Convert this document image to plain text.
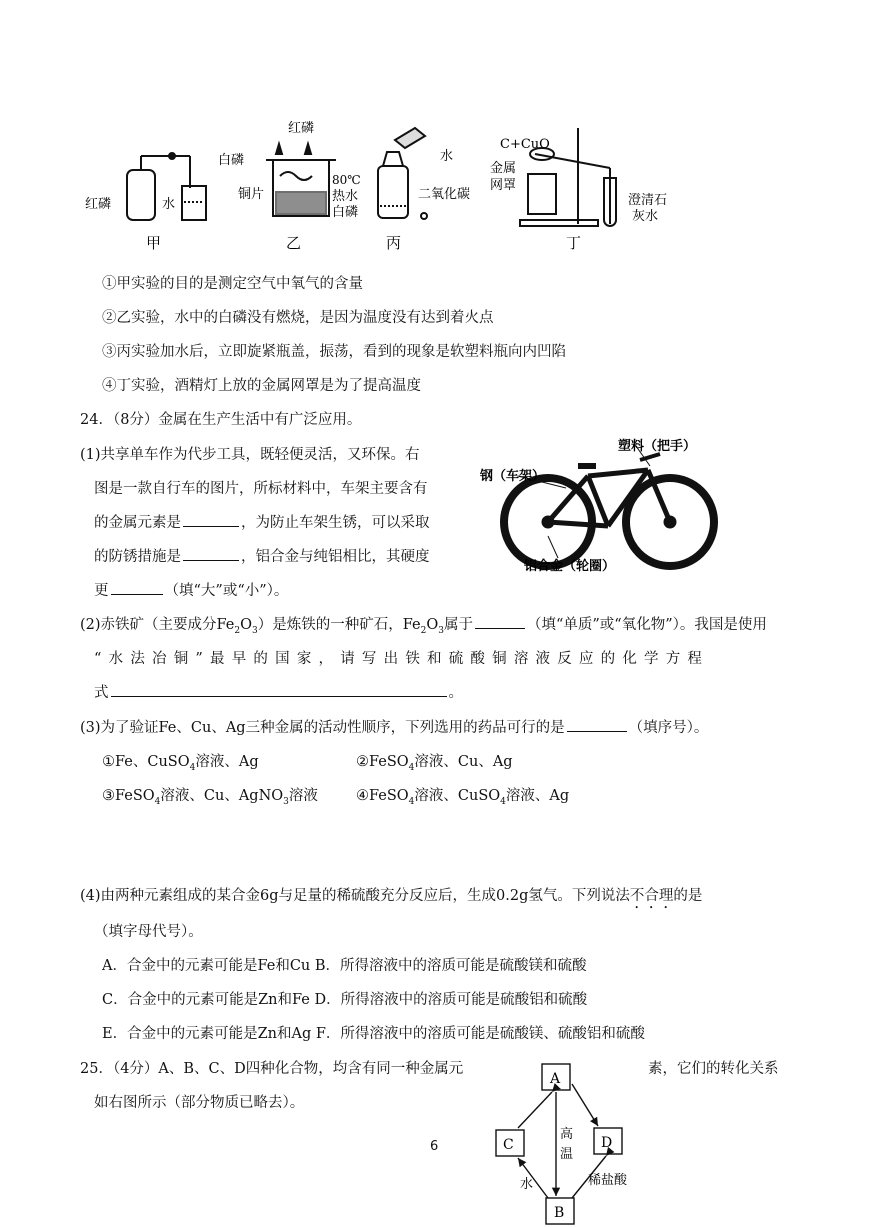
红磷	水
甲
红磷
白磷
铜片
80℃
热水
白磷
乙
水
二氧化碳
丙
C+CuO
金属
网罩
澄清石
灰水
丁
①甲实验的目的是测定空气中氧气的含量
②乙实验，水中的白磷没有燃烧，是因为温度没有达到着火点
③丙实验加水后，立即旋紧瓶盖，振荡，看到的现象是软塑料瓶向内凹陷
④丁实验，酒精灯上放的金属网罩是为了提高温度
24．（8分）金属在生产生活中有广泛应用。
(1)共享单车作为代步工具，既轻便灵活，又环保。右
图是一款自行车的图片，所标材料中，车架主要含有
的金属元素是	，为防止车架生锈，可以采取
的防锈措施是	，铝合金与纯铝相比，其硬度
更	（填“大”或“小”）。
塑料（把手）
钢（车架）
铝合金（轮圈）
(2)赤铁矿（主要成分$Fe_2O_3$）是炼铁的一种矿石，$Fe_2O_3$属于	（填“单质”或“氧化物”）。我国是使用
“水法冶铜”最早的国家，请写出铁和硫酸铜溶液反应的化学方程
式	。
(3)为了验证Fe、Cu、Ag三种金属的活动性顺序，下列选用的药品可行的是	（填序号）。
①Fe、CuSO$_4$溶液、Ag	②FeSO$_4$溶液、Cu、Ag
③FeSO$_4$溶液、Cu、AgNO$_3$溶液	④FeSO$_4$溶液、CuSO$_4$溶液、Ag
(4)由两种元素组成的某合金6g与足量的稀硫酸充分反应后，生成0.2g氢气。下列说法不合理的是
（填字母代号）。
A．合金中的元素可能是Fe和Cu B．所得溶液中的溶质可能是硫酸镁和硫酸
C．合金中的元素可能是Zn和Fe D．所得溶液中的溶质可能是硫酸铝和硫酸
E．合金中的元素可能是Zn和Ag F．所得溶液中的溶质可能是硫酸镁、硫酸铝和硫酸
25．（4分）A、B、C、D四种化合物，均含有同一种金属元	素，它们的转化关系
如右图所示（部分物质已略去）。
A
C	D
B
高
温
水	稀盐酸
6
